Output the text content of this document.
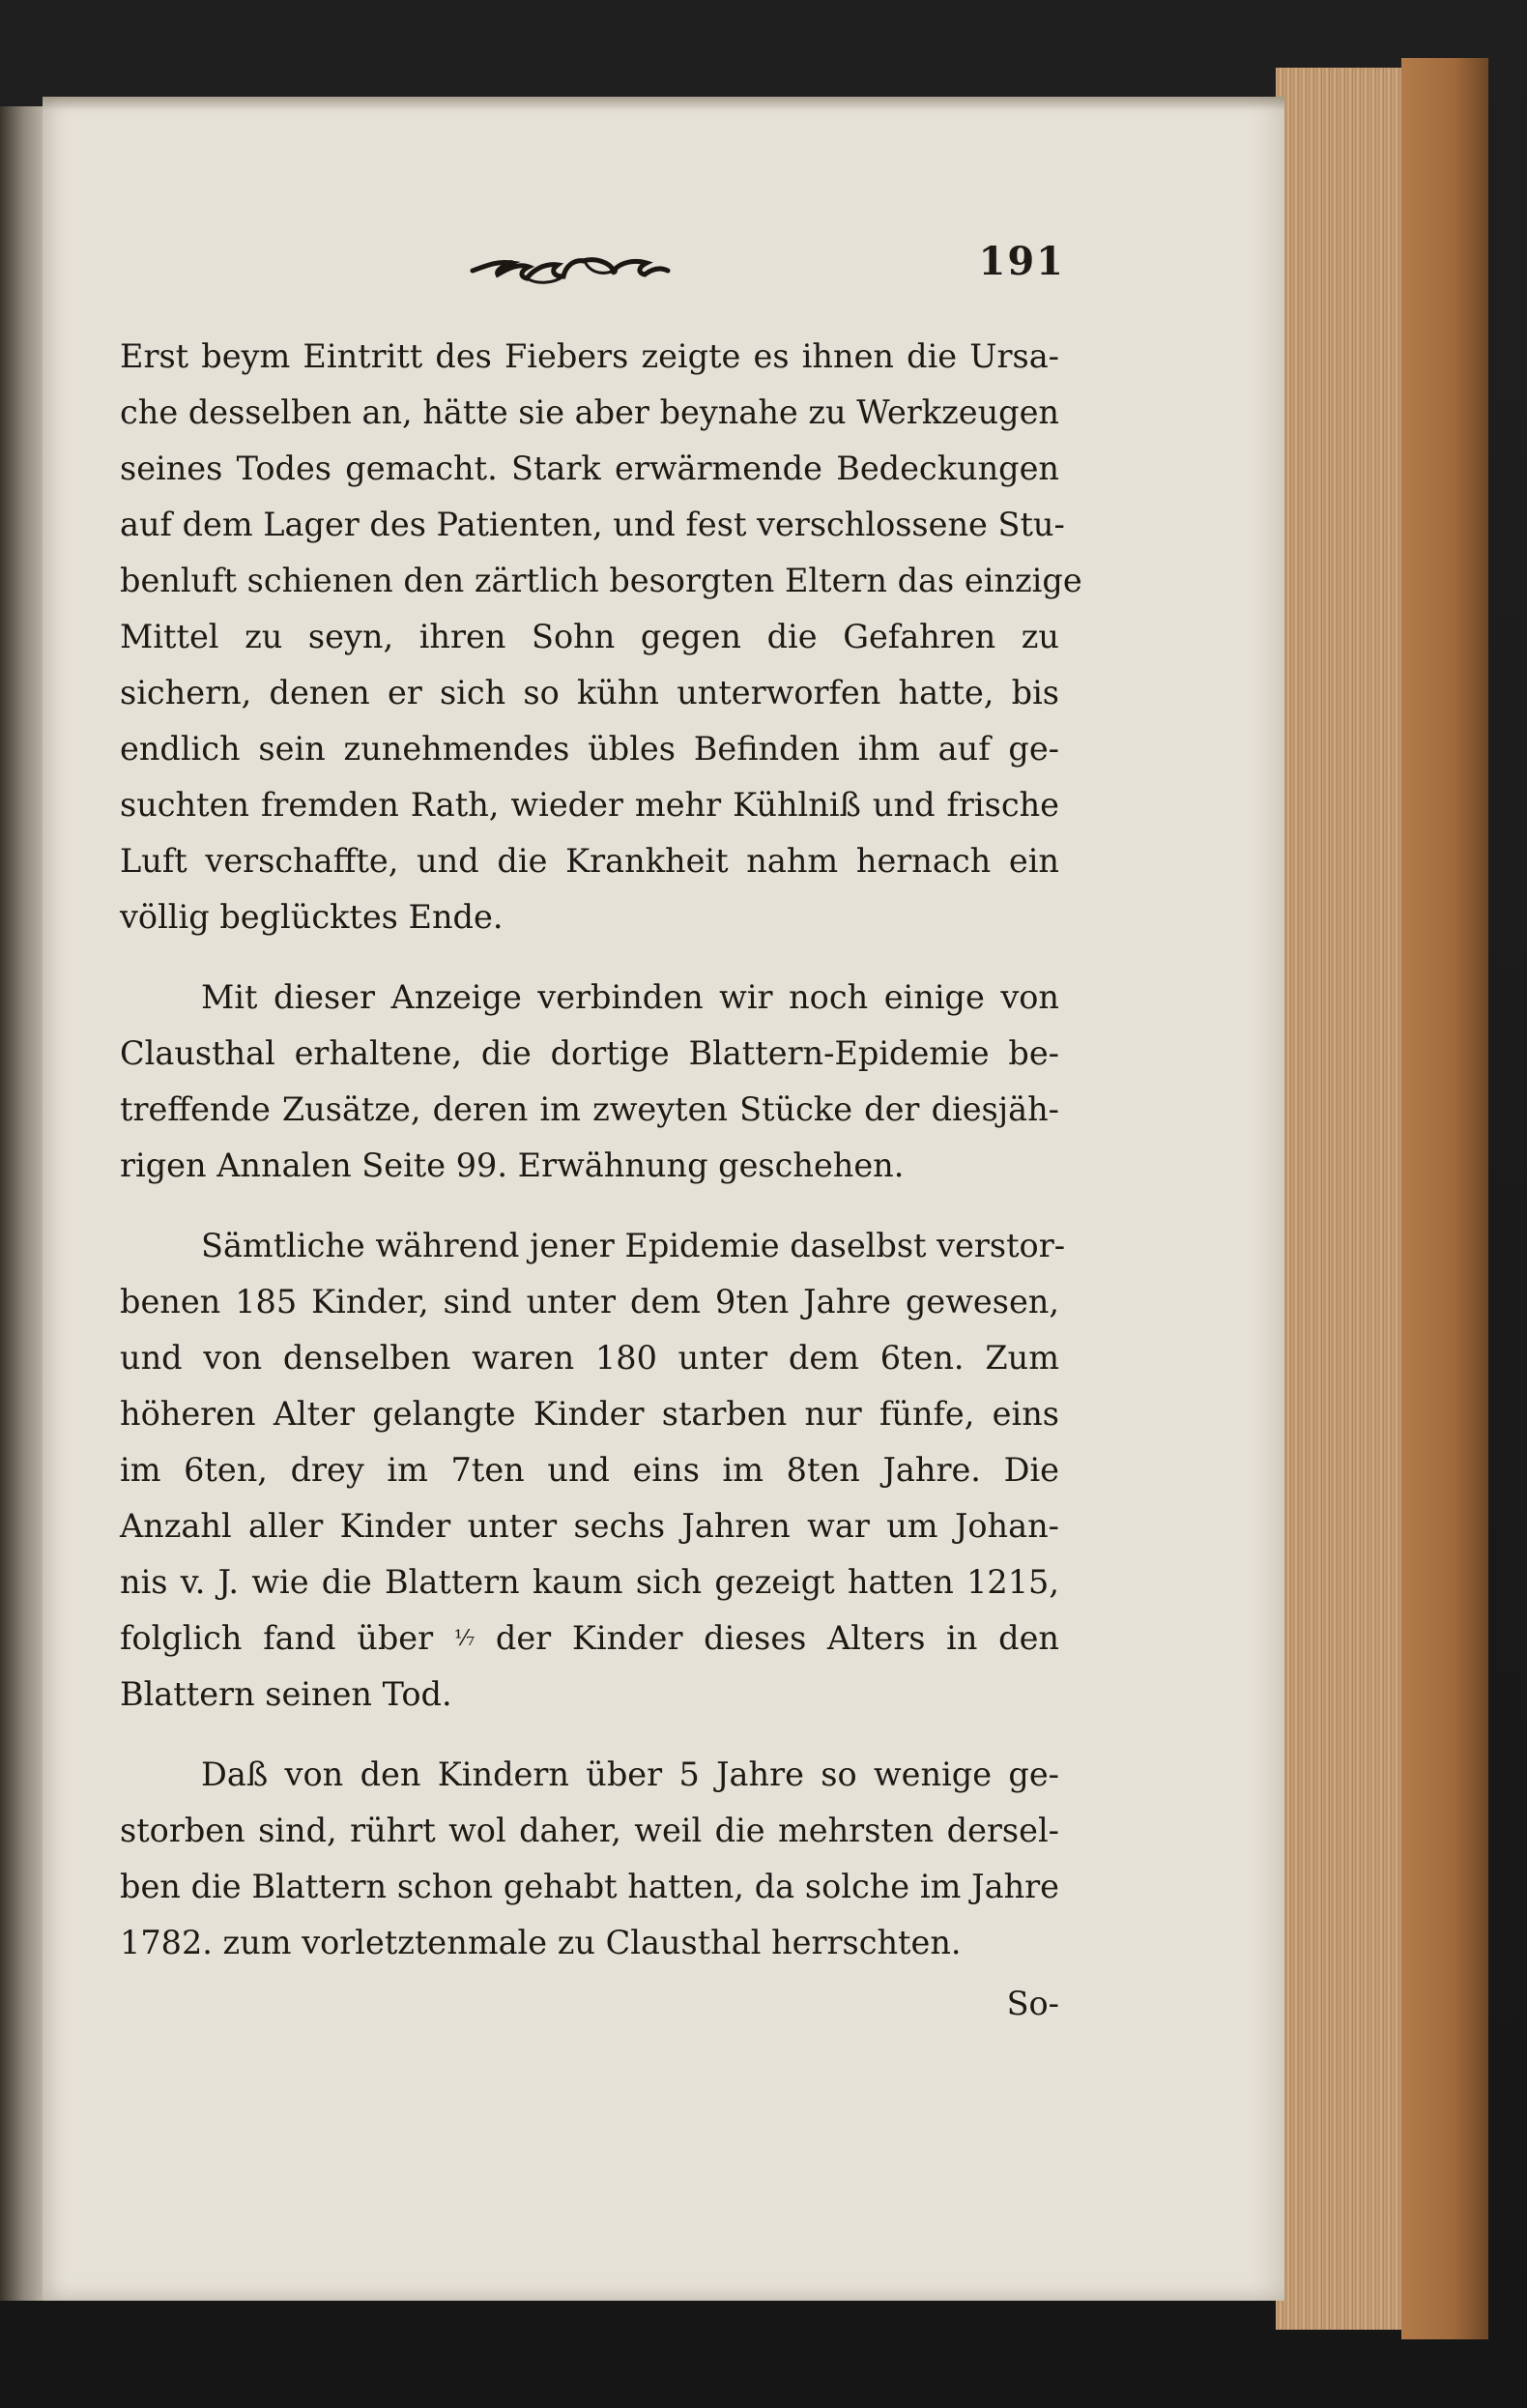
191

Erst beym Eintritt des Fiebers zeigte es ihnen die Ursa-
che desselben an, hätte sie aber beynahe zu Werkzeugen
seines Todes gemacht. Stark erwärmende Bedeckungen
auf dem Lager des Patienten, und fest verschlossene Stu-
benluft schienen den zärtlich besorgten Eltern das einzige
Mittel zu seyn, ihren Sohn gegen die Gefahren zu
sichern, denen er sich so kühn unterworfen hatte, bis
endlich sein zunehmendes übles Befinden ihm auf ge-
suchten fremden Rath, wieder mehr Kühlniß und frische
Luft verschaffte, und die Krankheit nahm hernach ein
völlig beglücktes Ende.

Mit dieser Anzeige verbinden wir noch einige von
Clausthal erhaltene, die dortige Blattern-Epidemie be-
treffende Zusätze, deren im zweyten Stücke der diesjäh-
rigen Annalen Seite 99. Erwähnung geschehen.

Sämtliche während jener Epidemie daselbst verstor-
benen 185 Kinder, sind unter dem 9ten Jahre gewesen,
und von denselben waren 180 unter dem 6ten. Zum
höheren Alter gelangte Kinder starben nur fünfe, eins
im 6ten, drey im 7ten und eins im 8ten Jahre. Die
Anzahl aller Kinder unter sechs Jahren war um Johan-
nis v. J. wie die Blattern kaum sich gezeigt hatten 1215,
folglich fand über ⅐ der Kinder dieses Alters in den
Blattern seinen Tod.

Daß von den Kindern über 5 Jahre so wenige ge-
storben sind, rührt wol daher, weil die mehrsten dersel-
ben die Blattern schon gehabt hatten, da solche im Jahre
1782. zum vorletztenmale zu Clausthal herrschten.

So-
